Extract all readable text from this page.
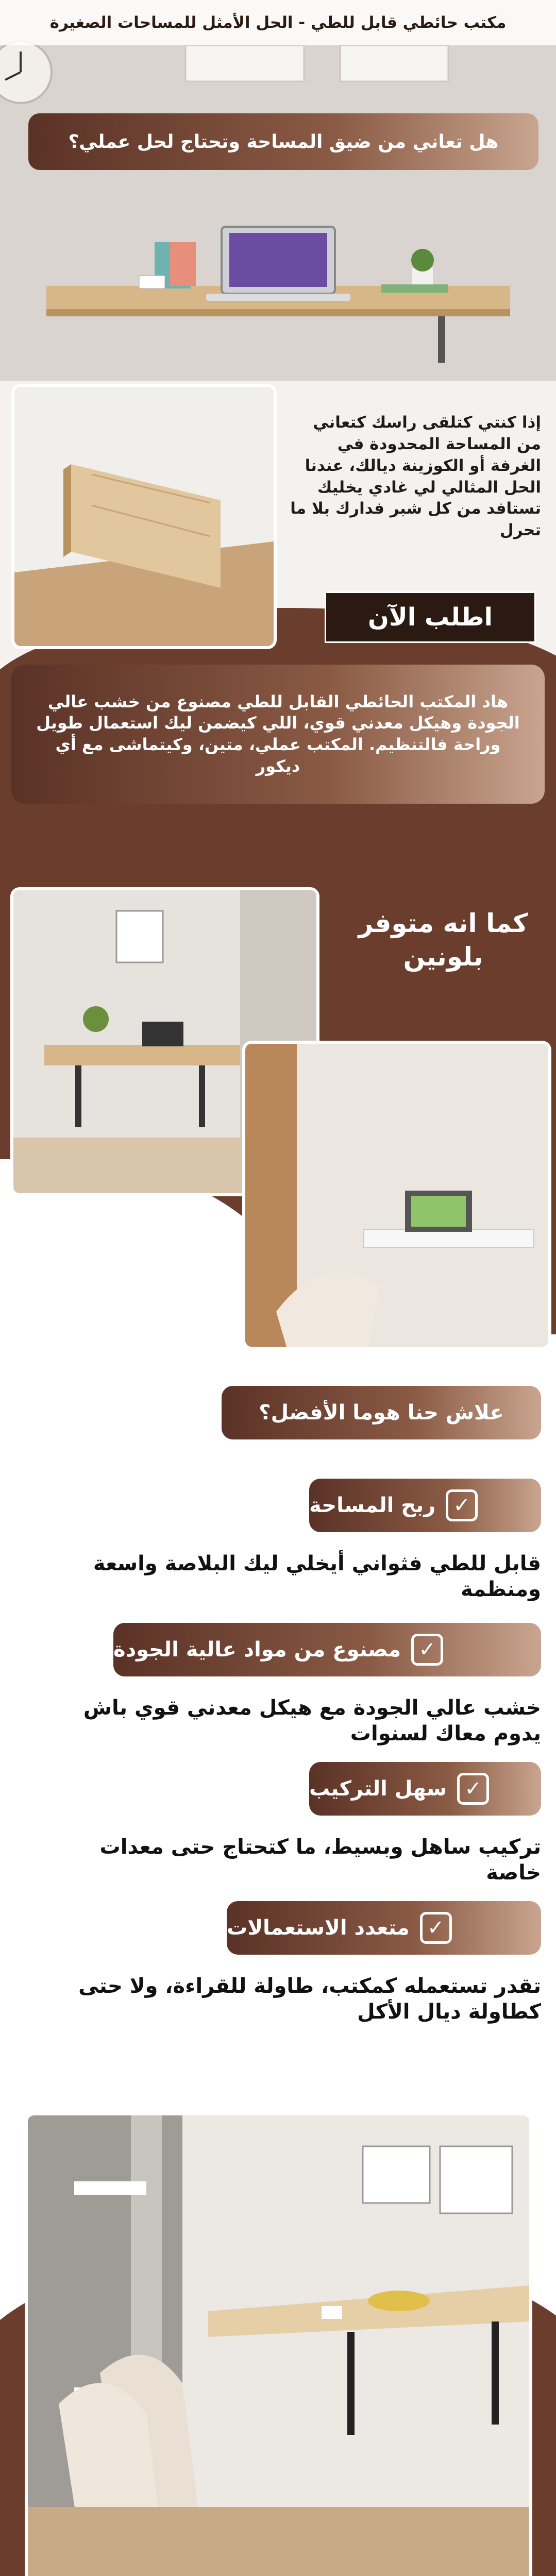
مكتب حائطي قابل للطي - الحل الأمثل للمساحات الصغيرة
هل تعاني من ضيق المساحة وتحتاج لحل عملي؟
إذا كنتي كتلقى راسك كتعاني من المساحة المحدودة في الغرفة أو الكوزينة ديالك، عندنا الحل المثالي لي غادي يخليك تستافد من كل شبر فدارك بلا ما تحرل
اطلب الآن
هاد المكتب الحائطي القابل للطي مصنوع من خشب عالي الجودة وهيكل معدني قوي، اللي كيضمن ليك استعمال طويل وراحة فالتنظيم. المكتب عملي، متين، وكيتماشى مع أي ديكور
كما انه متوفر بلونين
علاش حنا هوما الأفضل؟
✓
ربح المساحة
قابل للطي فثواني أيخلي ليك البلاصة واسعة ومنظمة
✓
مصنوع من مواد عالية الجودة
خشب عالي الجودة مع هيكل معدني قوي باش يدوم معاك لسنوات
✓
سهل التركيب
تركيب ساهل وبسيط، ما كتحتاج حتى معدات خاصة
✓
متعدد الاستعمالات
تقدر تستعمله كمكتب، طاولة للقراءة، ولا حتى كطاولة ديال الأكل
